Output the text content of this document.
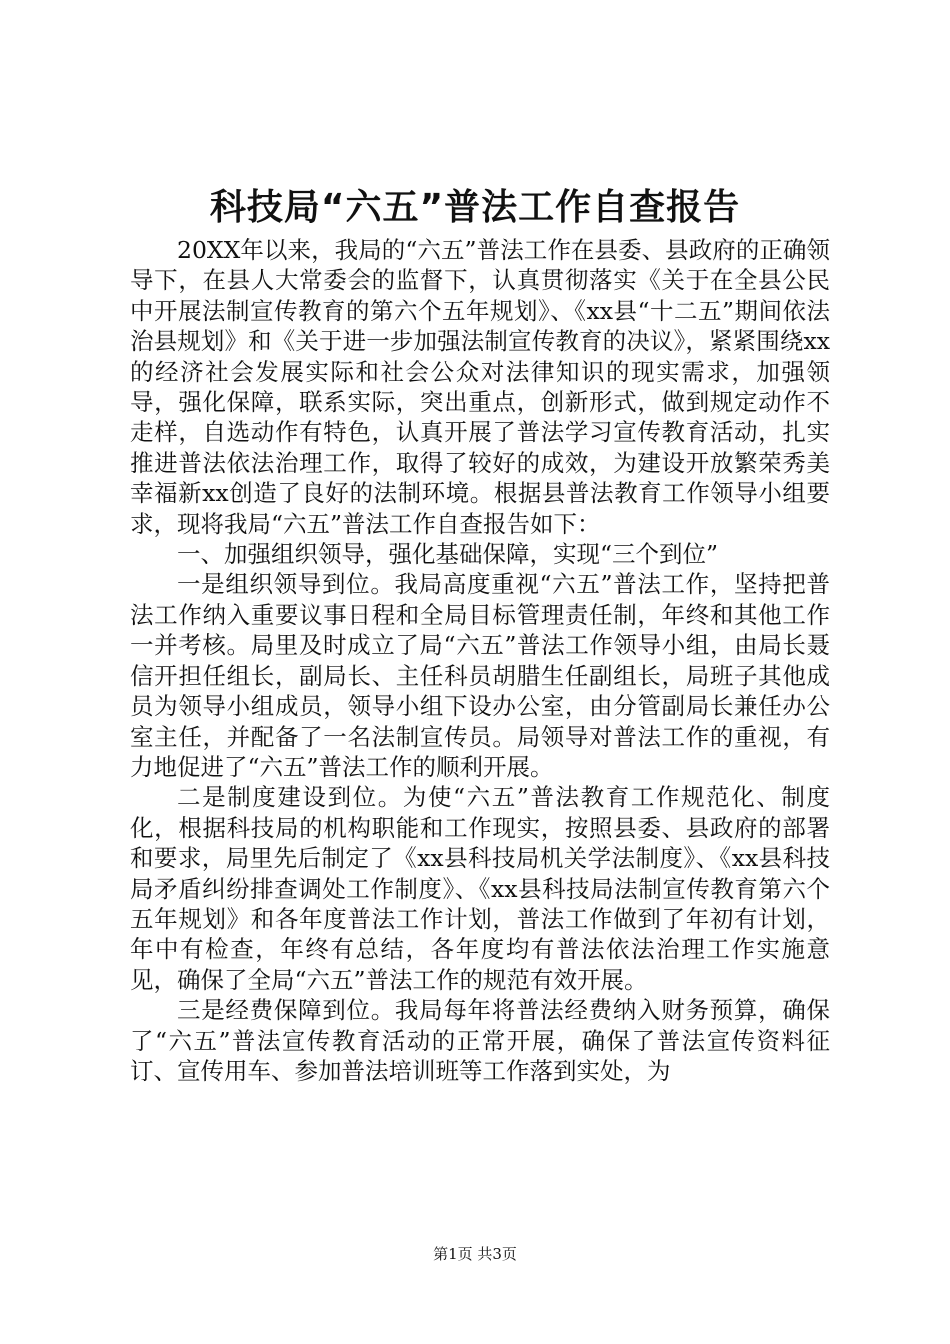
科技局“六五”普法工作自查报告

20XX年以来，我局的“六五”普法工作在县委、县政府的正确领导下，在县人大常委会的监督下，认真贯彻落实《关于在全县公民中开展法制宣传教育的第六个五年规划》、《xx县“十二五”期间依法治县规划》和《关于进一步加强法制宣传教育的决议》，紧紧围绕xx的经济社会发展实际和社会公众对法律知识的现实需求，加强领导，强化保障，联系实际，突出重点，创新形式，做到规定动作不走样，自选动作有特色，认真开展了普法学习宣传教育活动，扎实推进普法依法治理工作，取得了较好的成效，为建设开放繁荣秀美幸福新xx创造了良好的法制环境。根据县普法教育工作领导小组要求，现将我局“六五”普法工作自查报告如下：

一、加强组织领导，强化基础保障，实现“三个到位”

一是组织领导到位。我局高度重视“六五”普法工作，坚持把普法工作纳入重要议事日程和全局目标管理责任制，年终和其他工作一并考核。局里及时成立了局“六五”普法工作领导小组，由局长聂信开担任组长，副局长、主任科员胡腊生任副组长，局班子其他成员为领导小组成员，领导小组下设办公室，由分管副局长兼任办公室主任，并配备了一名法制宣传员。局领导对普法工作的重视，有力地促进了“六五”普法工作的顺利开展。

二是制度建设到位。为使“六五”普法教育工作规范化、制度化，根据科技局的机构职能和工作现实，按照县委、县政府的部署和要求，局里先后制定了《xx县科技局机关学法制度》、《xx县科技局矛盾纠纷排查调处工作制度》、《xx县科技局法制宣传教育第六个五年规划》和各年度普法工作计划，普法工作做到了年初有计划，年中有检查，年终有总结，各年度均有普法依法治理工作实施意见，确保了全局“六五”普法工作的规范有效开展。

三是经费保障到位。我局每年将普法经费纳入财务预算，确保了“六五”普法宣传教育活动的正常开展，确保了普法宣传资料征订、宣传用车、参加普法培训班等工作落到实处，为

第1页 共3页
